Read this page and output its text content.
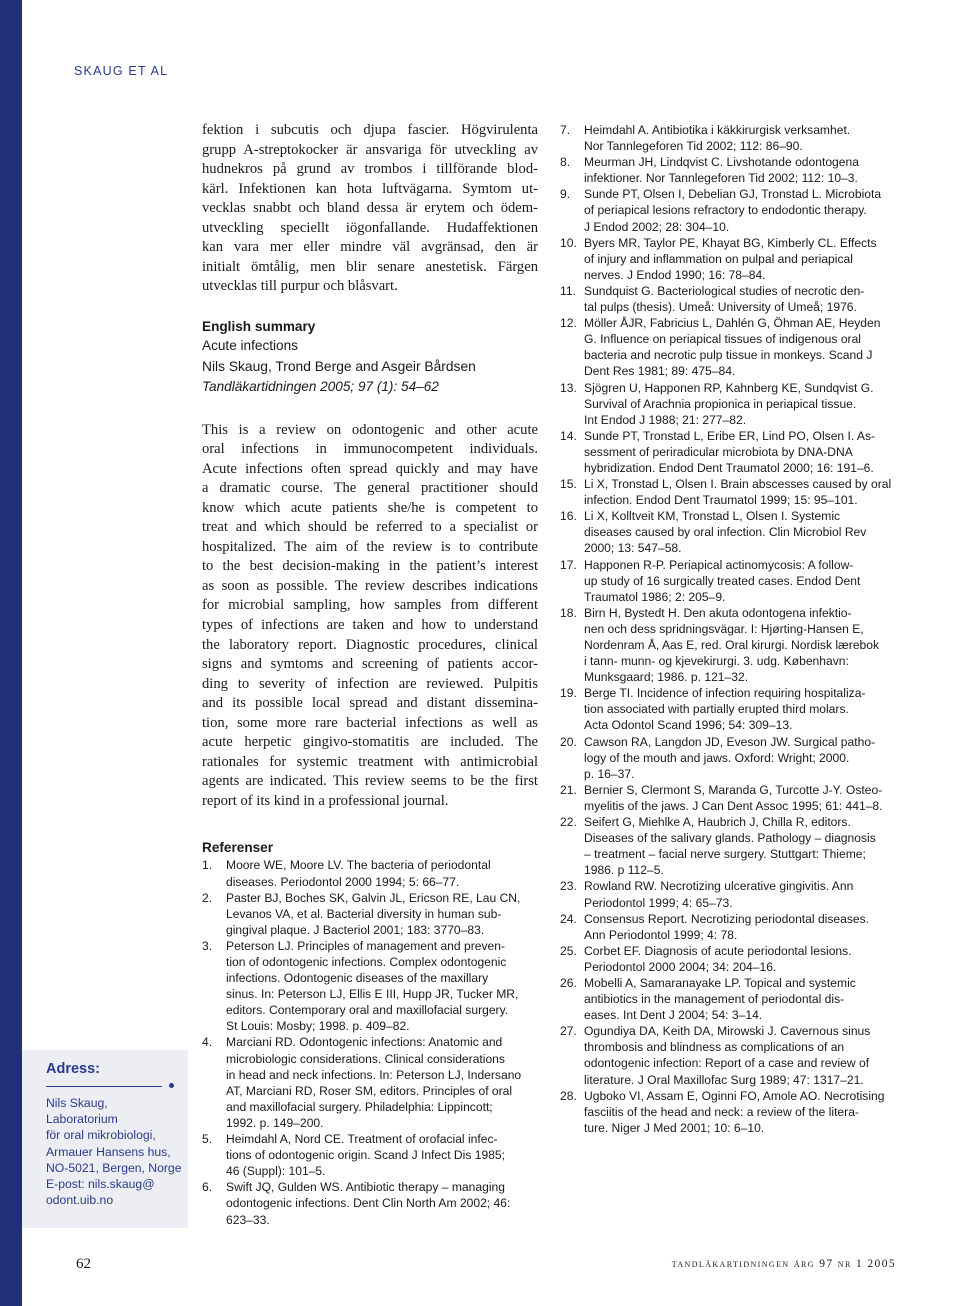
SKAUG ET AL
fektion i subcutis och djupa fascier. Högvirulenta
grupp A-streptokocker är ansvariga för utveckling av
hudnekros på grund av trombos i tillförande blod-
kärl. Infektionen kan hota luftvägarna. Symtom ut-
vecklas snabbt och bland dessa är erytem och ödem-
utveckling speciellt iögonfallande. Hudaffektionen
kan vara mer eller mindre väl avgränsad, den är
initialt ömtålig, men blir senare anestetisk. Färgen
utvecklas till purpur och blåsvart.
English summary
Acute infections
Nils Skaug, Trond Berge and Asgeir Bårdsen
Tandläkartidningen 2005; 97 (1): 54–62
This is a review on odontogenic and other acute
oral infections in immunocompetent individuals.
Acute infections often spread quickly and may have
a dramatic course. The general practitioner should
know which acute patients she/he is competent to
treat and which should be referred to a specialist or
hospitalized. The aim of the review is to contribute
to the best decision-making in the patient’s interest
as soon as possible. The review describes indications
for microbial sampling, how samples from different
types of infections are taken and how to understand
the laboratory report. Diagnostic procedures, clinical
signs and symtoms and screening of patients accor-
ding to severity of infection are reviewed. Pulpitis
and its possible local spread and distant dissemina-
tion, some more rare bacterial infections as well as
acute herpetic gingivo-stomatitis are included. The
rationales for systemic treatment with antimicrobial
agents are indicated. This review seems to be the first
report of its kind in a professional journal.
Referenser
1. Moore WE, Moore LV. The bacteria of periodontal
diseases. Periodontol 2000 1994; 5: 66–77.
2. Paster BJ, Boches SK, Galvin JL, Ericson RE, Lau CN,
Levanos VA, et al. Bacterial diversity in human sub-
gingival plaque. J Bacteriol 2001; 183: 3770–83.
3. Peterson LJ. Principles of management and preven-
tion of odontogenic infections. Complex odontogenic
infections. Odontogenic diseases of the maxillary
sinus. In: Peterson LJ, Ellis E III, Hupp JR, Tucker MR,
editors. Contemporary oral and maxillofacial surgery.
St Louis: Mosby; 1998. p. 409–82.
4. Marciani RD. Odontogenic infections: Anatomic and
microbiologic considerations. Clinical considerations
in head and neck infections. In: Peterson LJ, Indersano
AT, Marciani RD, Roser SM, editors. Principles of oral
and maxillofacial surgery. Philadelphia: Lippincott;
1992. p. 149–200.
5. Heimdahl A, Nord CE. Treatment of orofacial infec-
tions of odontogenic origin. Scand J Infect Dis 1985;
46 (Suppl): 101–5.
6. Swift JQ, Gulden WS. Antibiotic therapy – managing
odontogenic infections. Dent Clin North Am 2002; 46:
623–33.
7. Heimdahl A. Antibiotika i käkkirurgisk verksamhet.
Nor Tannlegeforen Tid 2002; 112: 86–90.
8. Meurman JH, Lindqvist C. Livshotande odontogena
infektioner. Nor Tannlegeforen Tid 2002; 112: 10–3.
9. Sunde PT, Olsen I, Debelian GJ, Tronstad L. Microbiota
of periapical lesions refractory to endodontic therapy.
J Endod 2002; 28: 304–10.
10. Byers MR, Taylor PE, Khayat BG, Kimberly CL. Effects
of injury and inflammation on pulpal and periapical
nerves. J Endod 1990; 16: 78–84.
11. Sundquist G. Bacteriological studies of necrotic den-
tal pulps (thesis). Umeå: University of Umeå; 1976.
12. Möller ÅJR, Fabricius L, Dahlén G, Öhman AE, Heyden
G. Influence on periapical tissues of indigenous oral
bacteria and necrotic pulp tissue in monkeys. Scand J
Dent Res 1981; 89: 475–84.
13. Sjögren U, Happonen RP, Kahnberg KE, Sundqvist G.
Survival of Arachnia propionica in periapical tissue.
Int Endod J 1988; 21: 277–82.
14. Sunde PT, Tronstad L, Eribe ER, Lind PO, Olsen I. As-
sessment of periradicular microbiota by DNA-DNA
hybridization. Endod Dent Traumatol 2000; 16: 191–6.
15. Li X, Tronstad L, Olsen I. Brain abscesses caused by oral
infection. Endod Dent Traumatol 1999; 15: 95–101.
16. Li X, Kolltveit KM, Tronstad L, Olsen I. Systemic
diseases caused by oral infection. Clin Microbiol Rev
2000; 13: 547–58.
17. Happonen R-P. Periapical actinomycosis: A follow-
up study of 16 surgically treated cases. Endod Dent
Traumatol 1986; 2: 205–9.
18. Birn H, Bystedt H. Den akuta odontogena infektio-
nen och dess spridningsvägar. I: Hjørting-Hansen E,
Nordenram Å, Aas E, red. Oral kirurgi. Nordisk lærebok
i tann- munn- og kjevekirurgi. 3. udg. København:
Munksgaard; 1986. p. 121–32.
19. Berge TI. Incidence of infection requiring hospitaliza-
tion associated with partially erupted third molars.
Acta Odontol Scand 1996; 54: 309–13.
20. Cawson RA, Langdon JD, Eveson JW. Surgical patho-
logy of the mouth and jaws. Oxford: Wright; 2000.
p. 16–37.
21. Bernier S, Clermont S, Maranda G, Turcotte J-Y. Osteo-
myelitis of the jaws. J Can Dent Assoc 1995; 61: 441–8.
22. Seifert G, Miehlke A, Haubrich J, Chilla R, editors.
Diseases of the salivary glands. Pathology – diagnosis
– treatment – facial nerve surgery. Stuttgart: Thieme;
1986. p 112–5.
23. Rowland RW. Necrotizing ulcerative gingivitis. Ann
Periodontol 1999; 4: 65–73.
24. Consensus Report. Necrotizing periodontal diseases.
Ann Periodontol 1999; 4: 78.
25. Corbet EF. Diagnosis of acute periodontal lesions.
Periodontol 2000 2004; 34: 204–16.
26. Mobelli A, Samaranayake LP. Topical and systemic
antibiotics in the management of periodontal dis-
eases. Int Dent J 2004; 54: 3–14.
27. Ogundiya DA, Keith DA, Mirowski J. Cavernous sinus
thrombosis and blindness as complications of an
odontogenic infection: Report of a case and review of
literature. J Oral Maxillofac Surg 1989; 47: 1317–21.
28. Ugboko VI, Assam E, Oginni FO, Amole AO. Necrotising
fasciitis of the head and neck: a review of the litera-
ture. Niger J Med 2001; 10: 6–10.
Adress:
Nils Skaug,
Laboratorium
för oral mikrobiologi,
Armauer Hansens hus,
NO-5021, Bergen, Norge
E-post: nils.skaug@
odont.uib.no
62	tandläkartidningen årg 97 nr 1 2005
